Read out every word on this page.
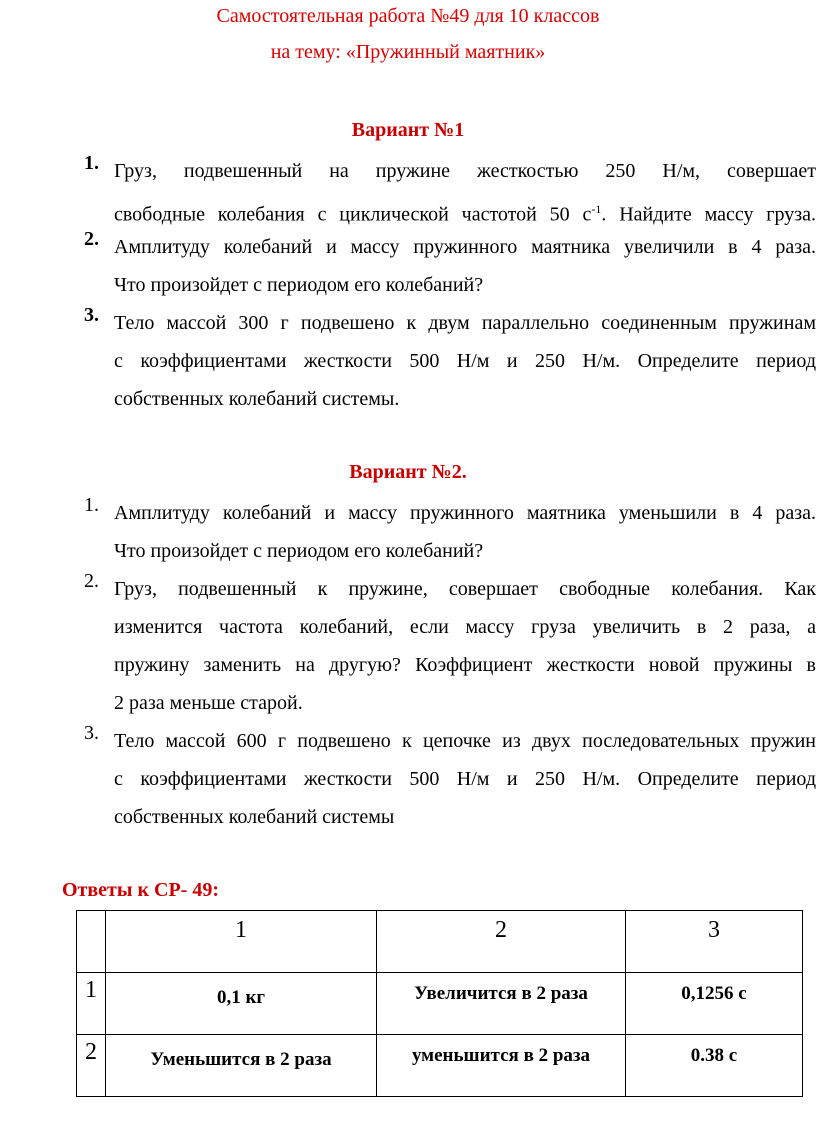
Самостоятельная работа №49 для 10 классов
на тему: «Пружинный маятник»
Вариант №1
1. Груз, подвешенный на пружине жесткостью 250 Н/м, совершает
свободные колебания с циклической частотой 50 $с^{-1}$. Найдите массу груза.
2. Амплитуду колебаний и массу пружинного маятника увеличили в 4 раза.
Что произойдет с периодом его колебаний?
3. Тело массой 300 г подвешено к двум параллельно соединенным пружинам
с коэффициентами жесткости 500 Н/м и 250 Н/м. Определите период
собственных колебаний системы.
Вариант №2.
1. Амплитуду колебаний и массу пружинного маятника уменьшили в 4 раза.
Что произойдет с периодом его колебаний?
2. Груз, подвешенный к пружине, совершает свободные колебания. Как
изменится частота колебаний, если массу груза увеличить в 2 раза, а
пружину заменить на другую? Коэффициент жесткости новой пружины в
2 раза меньше старой.
3. Тело массой 600 г подвешено к цепочке из двух последовательных пружин
с коэффициентами жесткости 500 Н/м и 250 Н/м. Определите период
собственных колебаний системы
Ответы к СР- 49:
	1	2	3
1	0,1 кг	Увеличится в 2 раза	0,1256 с
2	Уменьшится в 2 раза	уменьшится в 2 раза	0.38 с
